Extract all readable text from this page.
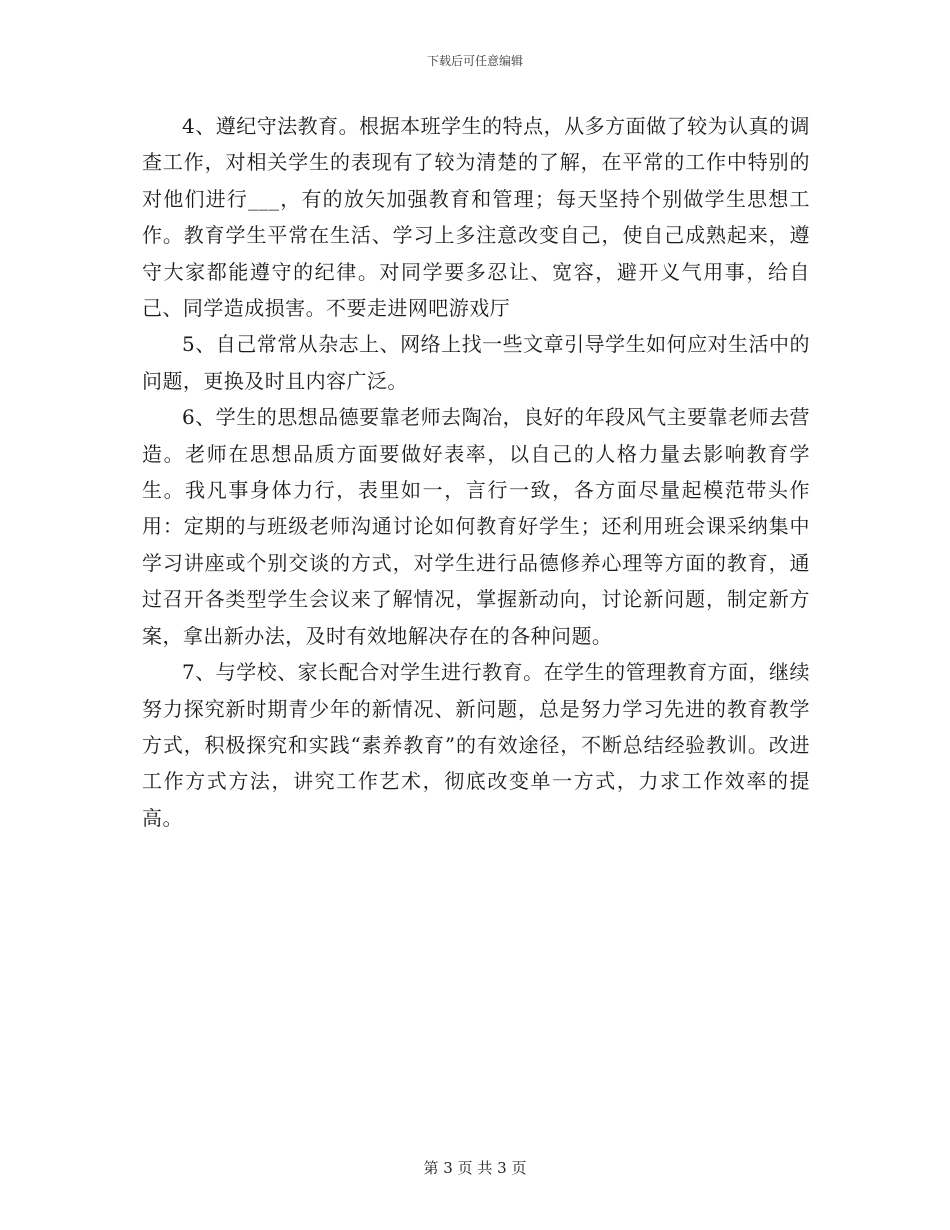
下载后可任意编辑

4、遵纪守法教育。根据本班学生的特点，从多方面做了较为认真的调查工作，对相关学生的表现有了较为清楚的了解，在平常的工作中特别的对他们进行___，有的放矢加强教育和管理；每天坚持个别做学生思想工作。教育学生平常在生活、学习上多注意改变自己，使自己成熟起来，遵守大家都能遵守的纪律。对同学要多忍让、宽容，避开义气用事，给自己、同学造成损害。不要走进网吧游戏厅

5、自己常常从杂志上、网络上找一些文章引导学生如何应对生活中的问题，更换及时且内容广泛。

6、学生的思想品德要靠老师去陶冶，良好的年段风气主要靠老师去营造。老师在思想品质方面要做好表率，以自己的人格力量去影响教育学生。我凡事身体力行，表里如一，言行一致，各方面尽量起模范带头作用：定期的与班级老师沟通讨论如何教育好学生；还利用班会课采纳集中学习讲座或个别交谈的方式，对学生进行品德修养心理等方面的教育，通过召开各类型学生会议来了解情况，掌握新动向，讨论新问题，制定新方案，拿出新办法，及时有效地解决存在的各种问题。

7、与学校、家长配合对学生进行教育。在学生的管理教育方面，继续努力探究新时期青少年的新情况、新问题，总是努力学习先进的教育教学方式，积极探究和实践“素养教育”的有效途径，不断总结经验教训。改进工作方式方法，讲究工作艺术，彻底改变单一方式，力求工作效率的提高。

第 3 页 共 3 页
